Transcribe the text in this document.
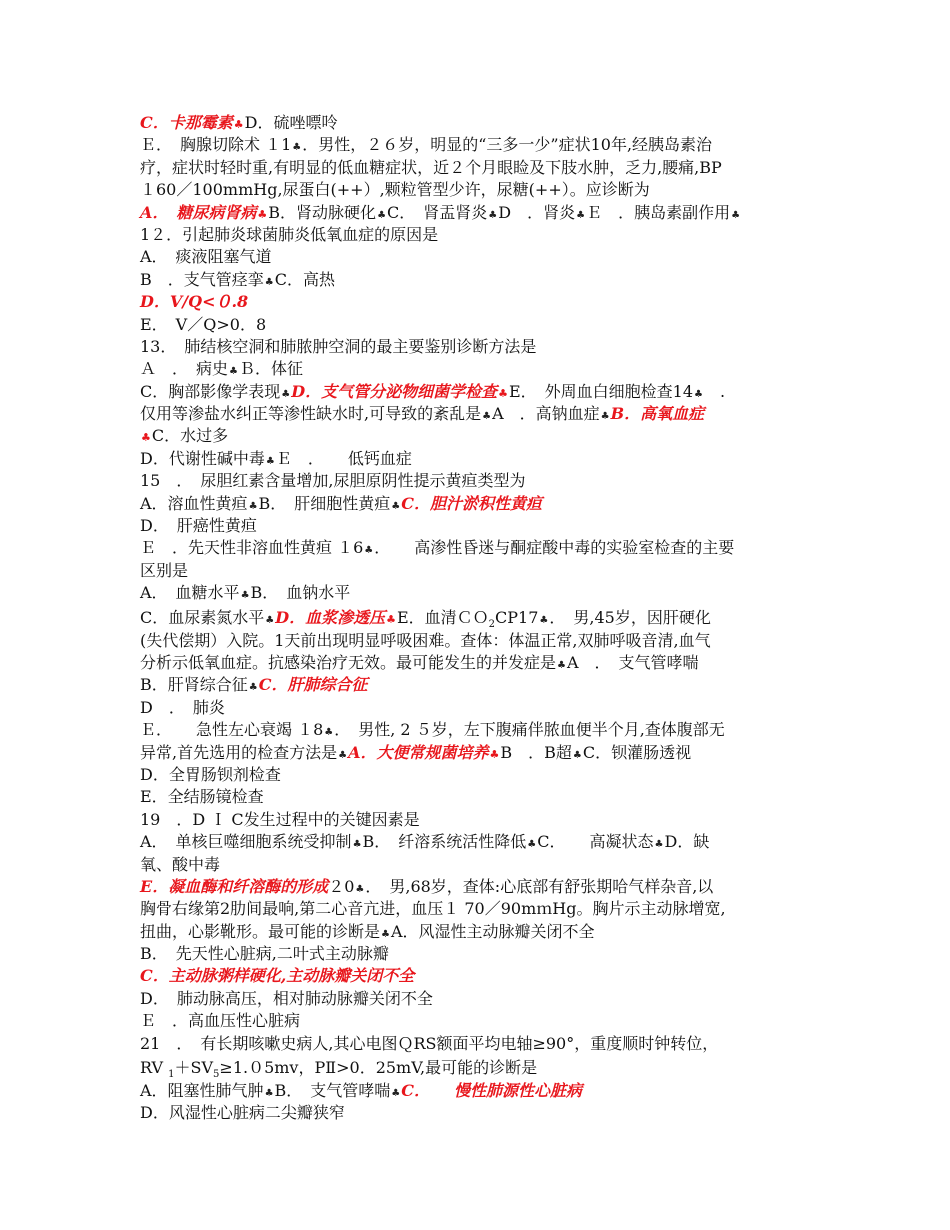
C．卡那霉素♣D．硫唑嘌呤
Ｅ．　胸腺切除术 １1♣．男性，２６岁，明显的“三多一少”症状10年,经胰岛素治
疗，症状时轻时重,有明显的低血糖症状，近２个月眼睑及下肢水肿，乏力,腰痛,BP
１60／100mmHg,尿蛋白(++）,颗粒管型少许，尿糖(++）。应诊断为
A．　糖尿病肾病♣B．肾动脉硬化♣C．　肾盂肾炎♣D　．肾炎♣Ｅ　．胰岛素副作用♣
1２．引起肺炎球菌肺炎低氧血症的原因是
A．　痰液阻塞气道
B　．支气管痉挛♣C．高热
D．V/Q<０.8
E．　V／Q>0．8
13．　肺结核空洞和肺脓肿空洞的最主要鉴别诊断方法是
Ａ　．　病史♣Ｂ．体征
C．胸部影像学表现♣D．支气管分泌物细菌学检查♣E．　外周血白细胞检查14♣　.
仅用等渗盐水纠正等渗性缺水时,可导致的紊乱是♣A　．高钠血症♣B．高氧血症
♣C．水过多
D．代谢性碱中毒♣Ｅ　．　　低钙血症
15　．　尿胆红素含量增加,尿胆原阴性提示黄疸类型为
A．溶血性黄疸♣B．　肝细胞性黄疸♣C．胆汁淤积性黄疸
D．　肝癌性黄疸
Ｅ　．先天性非溶血性黄疸 １6♣．　　高渗性昏迷与酮症酸中毒的实验室检查的主要
区别是
A．　血糖水平♣B．　血钠水平
C．血尿素氮水平♣D．血浆渗透压♣E．血清ＣＯ$_2$CP17♣．　男,45岁，因肝硬化
(失代偿期）入院。1天前出现明显呼吸困难。查体：体温正常,双肺呼吸音清,血气
分析示低氧血症。抗感染治疗无效。最可能发生的并发症是♣A　．　支气管哮喘
B．肝肾综合征♣C．肝肺综合征
D　．　肺炎
Ｅ．　　急性左心衰竭 １8♣．　男性, 2 ５岁，左下腹痛伴脓血便半个月,查体腹部无
异常,首先选用的检查方法是♣A．大便常规菌培养♣B　．B超♣C．钡灌肠透视
D．全胃肠钡剂检查
E．全结肠镜检查
19　．D Ｉ C发生过程中的关键因素是
A．　单核巨噬细胞系统受抑制♣B．　纤溶系统活性降低♣C．　　高凝状态♣D．缺
氧、酸中毒
E．凝血酶和纤溶酶的形成２0♣．　男,68岁，查体:心底部有舒张期哈气样杂音,以
胸骨右缘第2肋间最响,第二心音亢进，血压１ 70／90mｍHg。胸片示主动脉增宽,
扭曲，心影靴形。最可能的诊断是♣A．风湿性主动脉瓣关闭不全
B．　先天性心脏病,二叶式主动脉瓣
C．主动脉粥样硬化,主动脉瓣关闭不全
D．　肺动脉高压，相对肺动脉瓣关闭不全
Ｅ　．高血压性心脏病
21　．　有长期咳嗽史病人,其心电图ＱRS额面平均电轴≥90°，重度顺时钟转位，
RV $_1+SV_5\ge 1.05mv$，PⅡ>0．25mV,最可能的诊断是
A．阻塞性肺气肿♣B．　支气管哮喘♣C．　　慢性肺源性心脏病
D．风湿性心脏病二尖瓣狭窄
